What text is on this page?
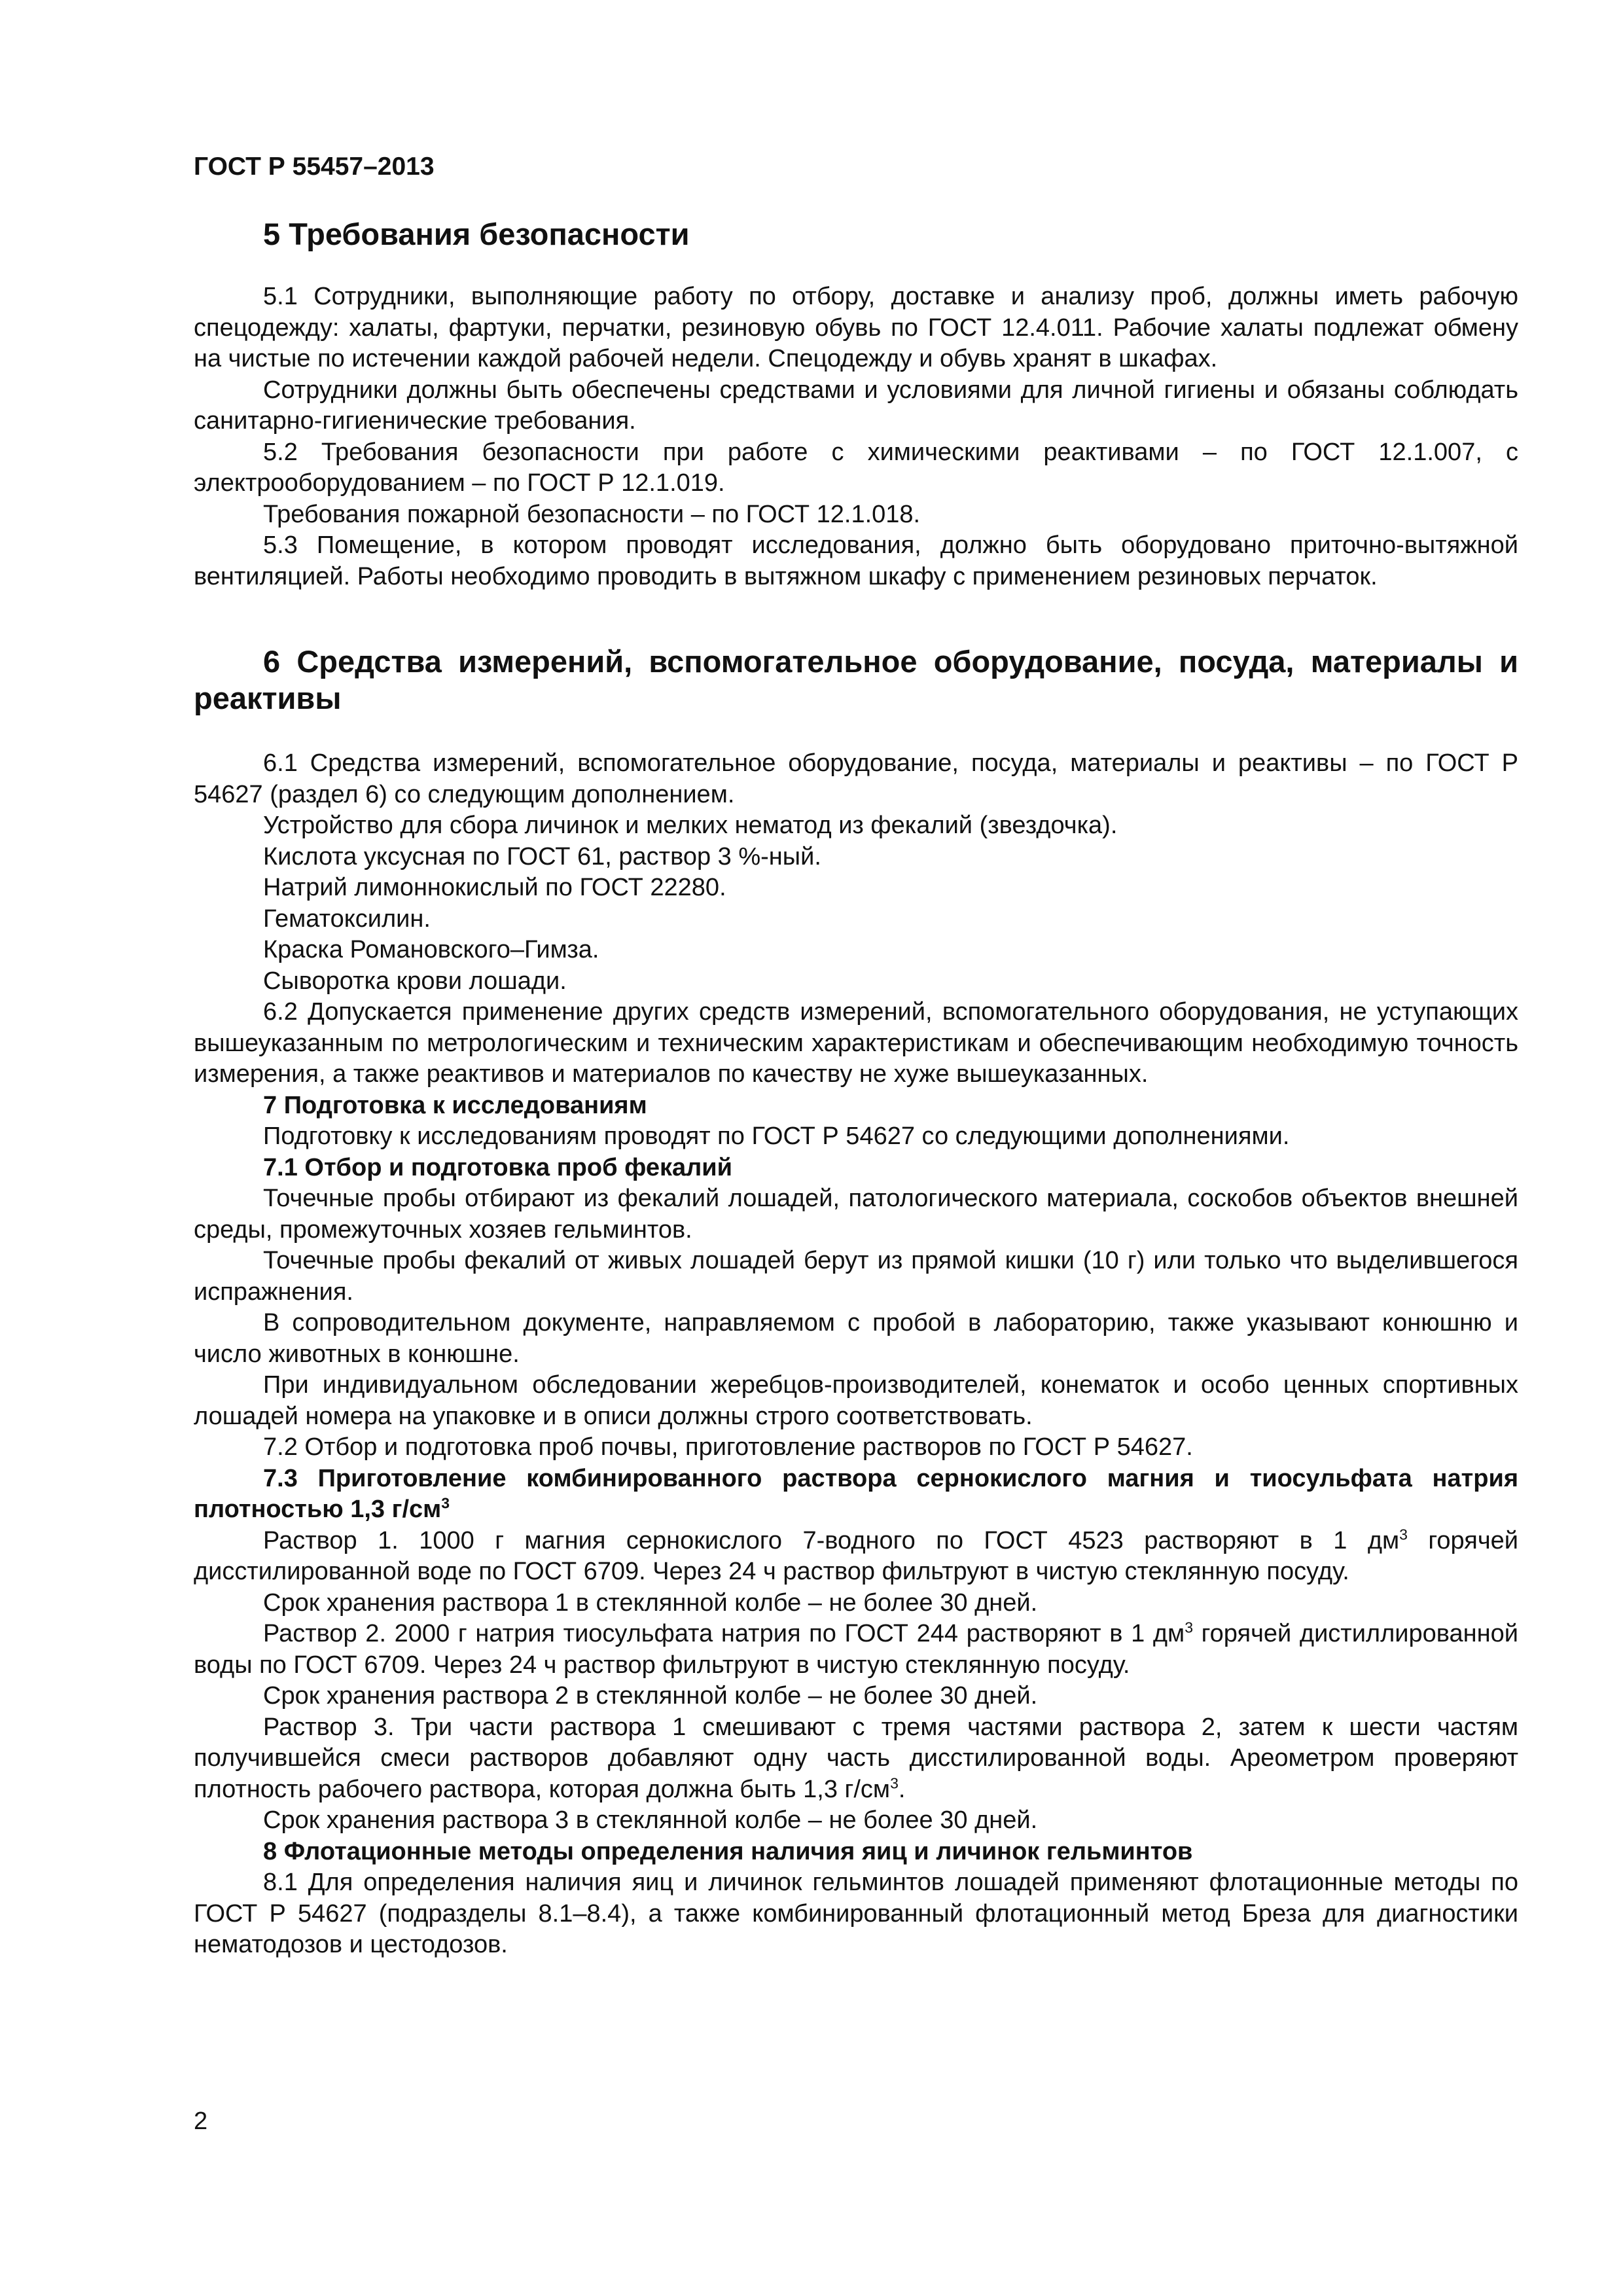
ГОСТ Р 55457–2013

5 Требования безопасности

5.1 Сотрудники, выполняющие работу по отбору, доставке и анализу проб, должны иметь рабочую спецодежду: халаты, фартуки, перчатки, резиновую обувь по ГОСТ 12.4.011. Рабочие халаты подлежат обмену на чистые по истечении каждой рабочей недели. Спецодежду и обувь хранят в шкафах.

Сотрудники должны быть обеспечены средствами и условиями для личной гигиены и обязаны соблюдать санитарно-гигиенические требования.

5.2 Требования безопасности при работе с химическими реактивами – по ГОСТ 12.1.007, с электрооборудованием – по ГОСТ Р 12.1.019.

Требования пожарной безопасности – по ГОСТ 12.1.018.

5.3 Помещение, в котором проводят исследования, должно быть оборудовано приточно-вытяжной вентиляцией. Работы необходимо проводить в вытяжном шкафу с применением резиновых перчаток.

6 Средства измерений, вспомогательное оборудование, посуда, материалы и реактивы

6.1 Средства измерений, вспомогательное оборудование, посуда, материалы и реактивы – по ГОСТ Р 54627 (раздел 6) со следующим дополнением.

Устройство для сбора личинок и мелких нематод из фекалий (звездочка).

Кислота уксусная по ГОСТ 61, раствор 3 %-ный.

Натрий лимоннокислый по ГОСТ 22280.

Гематоксилин.

Краска Романовского–Гимза.

Сыворотка крови лошади.

6.2 Допускается применение других средств измерений, вспомогательного оборудования, не уступающих вышеуказанным по метрологическим и техническим характеристикам и обеспечивающим необходимую точность измерения, а также реактивов и материалов по качеству не хуже вышеуказанных.

7 Подготовка к исследованиям

Подготовку к исследованиям проводят по ГОСТ Р 54627 со следующими дополнениями.

7.1 Отбор и подготовка проб фекалий

Точечные пробы отбирают из фекалий лошадей, патологического материала, соскобов объектов внешней среды, промежуточных хозяев гельминтов.

Точечные пробы фекалий от живых лошадей берут из прямой кишки (10 г) или только что выделившегося испражнения.

В сопроводительном документе, направляемом с пробой в лабораторию, также указывают конюшню и число животных в конюшне.

При индивидуальном обследовании жеребцов-производителей, конематок и особо ценных спортивных лошадей номера на упаковке и в описи должны строго соответствовать.

7.2 Отбор и подготовка проб почвы, приготовление растворов по ГОСТ Р 54627.

7.3 Приготовление комбинированного раствора сернокислого магния и тиосульфата натрия плотностью 1,3 $г/см^3$

Раствор 1. 1000 г магния сернокислого 7-водного по ГОСТ 4523 растворяют в 1 $дм^3$ горячей дисстилированной воде по ГОСТ 6709. Через 24 ч раствор фильтруют в чистую стеклянную посуду.

Срок хранения раствора 1 в стеклянной колбе – не более 30 дней.

Раствор 2. 2000 г натрия тиосульфата натрия по ГОСТ 244 растворяют в 1 $дм^3$ горячей дистиллированной воды по ГОСТ 6709. Через 24 ч раствор фильтруют в чистую стеклянную посуду.

Срок хранения раствора 2 в стеклянной колбе – не более 30 дней.

Раствор 3. Три части раствора 1 смешивают с тремя частями раствора 2, затем к шести частям получившейся смеси растворов добавляют одну часть дисстилированной воды. Ареометром проверяют плотность рабочего раствора, которая должна быть 1,3 $г/см^3$.

Срок хранения раствора 3 в стеклянной колбе – не более 30 дней.

8 Флотационные методы определения наличия яиц и личинок гельминтов

8.1 Для определения наличия яиц и личинок гельминтов лошадей применяют флотационные методы по ГОСТ Р 54627 (подразделы 8.1–8.4), а также комбинированный флотационный метод Бреза для диагностики нематодозов и цестодозов.

2
